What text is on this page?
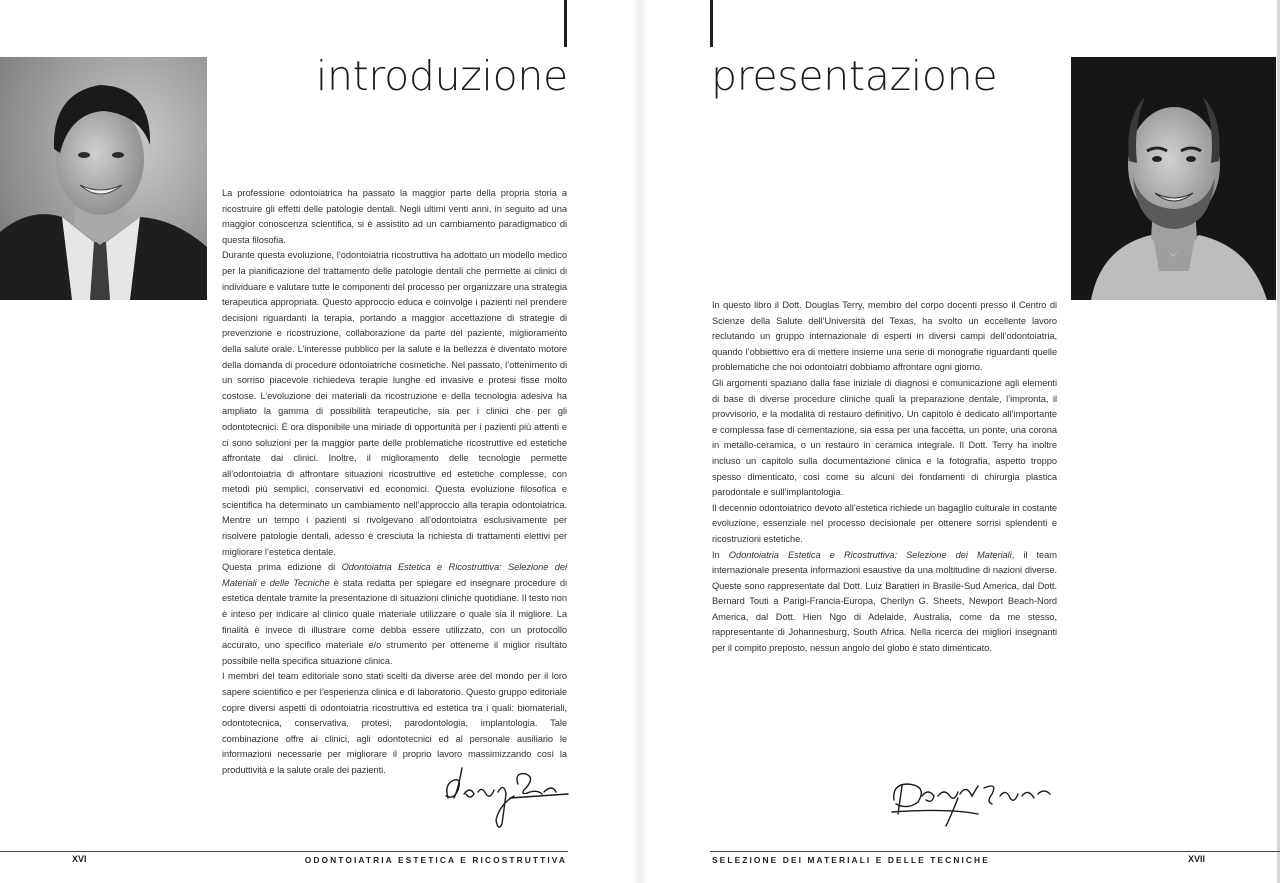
introduzione

La professione odontoiatrica ha passato la maggior parte della propria storia a ricostruire gli effetti delle patologie dentali. Negli ultimi venti anni, in seguito ad una maggior conoscenza scientifica, si è assistito ad un cambiamento paradigmatico di questa filosofia.

Durante questa evoluzione, l’odontoiatria ricostruttiva ha adottato un modello medico per la pianificazione del trattamento delle patologie dentali che permette ai clinici di individuare e valutare tutte le componenti del processo per organizzare una strategia terapeutica appropriata. Questo approccio educa e coinvolge i pazienti nel prendere decisioni riguardanti la terapia, portando a maggior accettazione di strategie di prevenzione e ricostruzione, collaborazione da parte del paziente, miglioramento della salute orale. L’interesse pubblico per la salute e la bellezza è diventato motore della domanda di procedure odontoiatriche cosmetiche. Nel passato, l’ottenimento di un sorriso piacevole richiedeva terapie lunghe ed invasive e protesi fisse molto costose. L’evoluzione dei materiali da ricostruzione e della tecnologia adesiva ha ampliato la gamma di possibilità terapeutiche, sia per i clinici che per gli odontotecnici. È ora disponibile una miriade di opportunità per i pazienti più attenti e ci sono soluzioni per la maggior parte delle problematiche ricostruttive ed estetiche affrontate dai clinici. Inoltre, il miglioramento delle tecnologie permette all’odontoiatria di affrontare situazioni ricostruttive ed estetiche complesse, con metodi più semplici, conservativi ed economici. Questa evoluzione filosofica e scientifica ha determinato un cambiamento nell’approccio alla terapia odontoiatrica. Mentre un tempo i pazienti si rivolgevano all’odontoiatra esclusivamente per risolvere patologie dentali, adesso è cresciuta la richiesta di trattamenti elettivi per migliorare l’estetica dentale.

Questa prima edizione di Odontoiatria Estetica e Ricostruttiva: Selezione dei Materiali e delle Tecniche è stata redatta per spiegare ed insegnare procedure di estetica dentale tramite la presentazione di situazioni cliniche quotidiane. Il testo non è inteso per indicare al clinico quale materiale utilizzare o quale sia il migliore. La finalità è invece di illustrare come debba essere utilizzato, con un protocollo accurato, uno specifico materiale e/o strumento per ottenerne il miglior risultato possibile nella specifica situazione clinica.

I membri del team editoriale sono stati scelti da diverse aree del mondo per il loro sapere scientifico e per l’esperienza clinica e di laboratorio. Questo gruppo editoriale copre diversi aspetti di odontoiatria ricostruttiva ed estetica tra i quali: biomateriali, odontotecnica, conservativa, protesi, parodontologia, implantologia. Tale combinazione offre ai clinici, agli odontotecnici ed al personale ausiliario le informazioni necessarie per migliorare il proprio lavoro massimizzando così la produttività e la salute orale dei pazienti.

XVI	ODONTOIATRIA ESTETICA E RICOSTRUTTIVA
presentazione

In questo libro il Dott. Douglas Terry, membro del corpo docenti presso il Centro di Scienze della Salute dell’Università del Texas, ha svolto un eccellente lavoro reclutando un gruppo internazionale di esperti in diversi campi dell’odontoiatria, quando l’obbiettivo era di mettere insieme una serie di monografie riguardanti quelle problematiche che noi odontoiatri dobbiamo affrontare ogni giorno.

Gli argomenti spaziano dalla fase iniziale di diagnosi e comunicazione agli elementi di base di diverse procedure cliniche quali la preparazione dentale, l’impronta, il provvisorio, e la modalità di restauro definitivo. Un capitolo è dedicato all’importante e complessa fase di cementazione, sia essa per una faccetta, un ponte, una corona in metallo-ceramica, o un restauro in ceramica integrale. Il Dott. Terry ha inoltre incluso un capitolo sulla documentazione clinica e la fotografia, aspetto troppo spesso dimenticato, così come su alcuni dei fondamenti di chirurgia plastica parodontale e sull’implantologia.

Il decennio odontoiatrico devoto all’estetica richiede un bagaglio culturale in costante evoluzione, essenziale nel processo decisionale per ottenere sorrisi splendenti e ricostruzioni estetiche.

In Odontoiatria Estetica e Ricostruttiva: Selezione dei Materiali, il team internazionale presenta informazioni esaustive da una moltitudine di nazioni diverse. Queste sono rappresentate dal Dott. Luiz Baratieri in Brasile-Sud America, dal Dott. Bernard Touti a Parigi-Francia-Europa, Cherilyn G. Sheets, Newport Beach-Nord America, dal Dott. Hien Ngo di Adelaide, Australia, come da me stesso, rappresentante di Johannesburg, South Africa. Nella ricerca dei migliori insegnanti per il compito preposto, nessun angolo del globo è stato dimenticato.

SELEZIONE DEI MATERIALI E DELLE TECNICHE	XVII
